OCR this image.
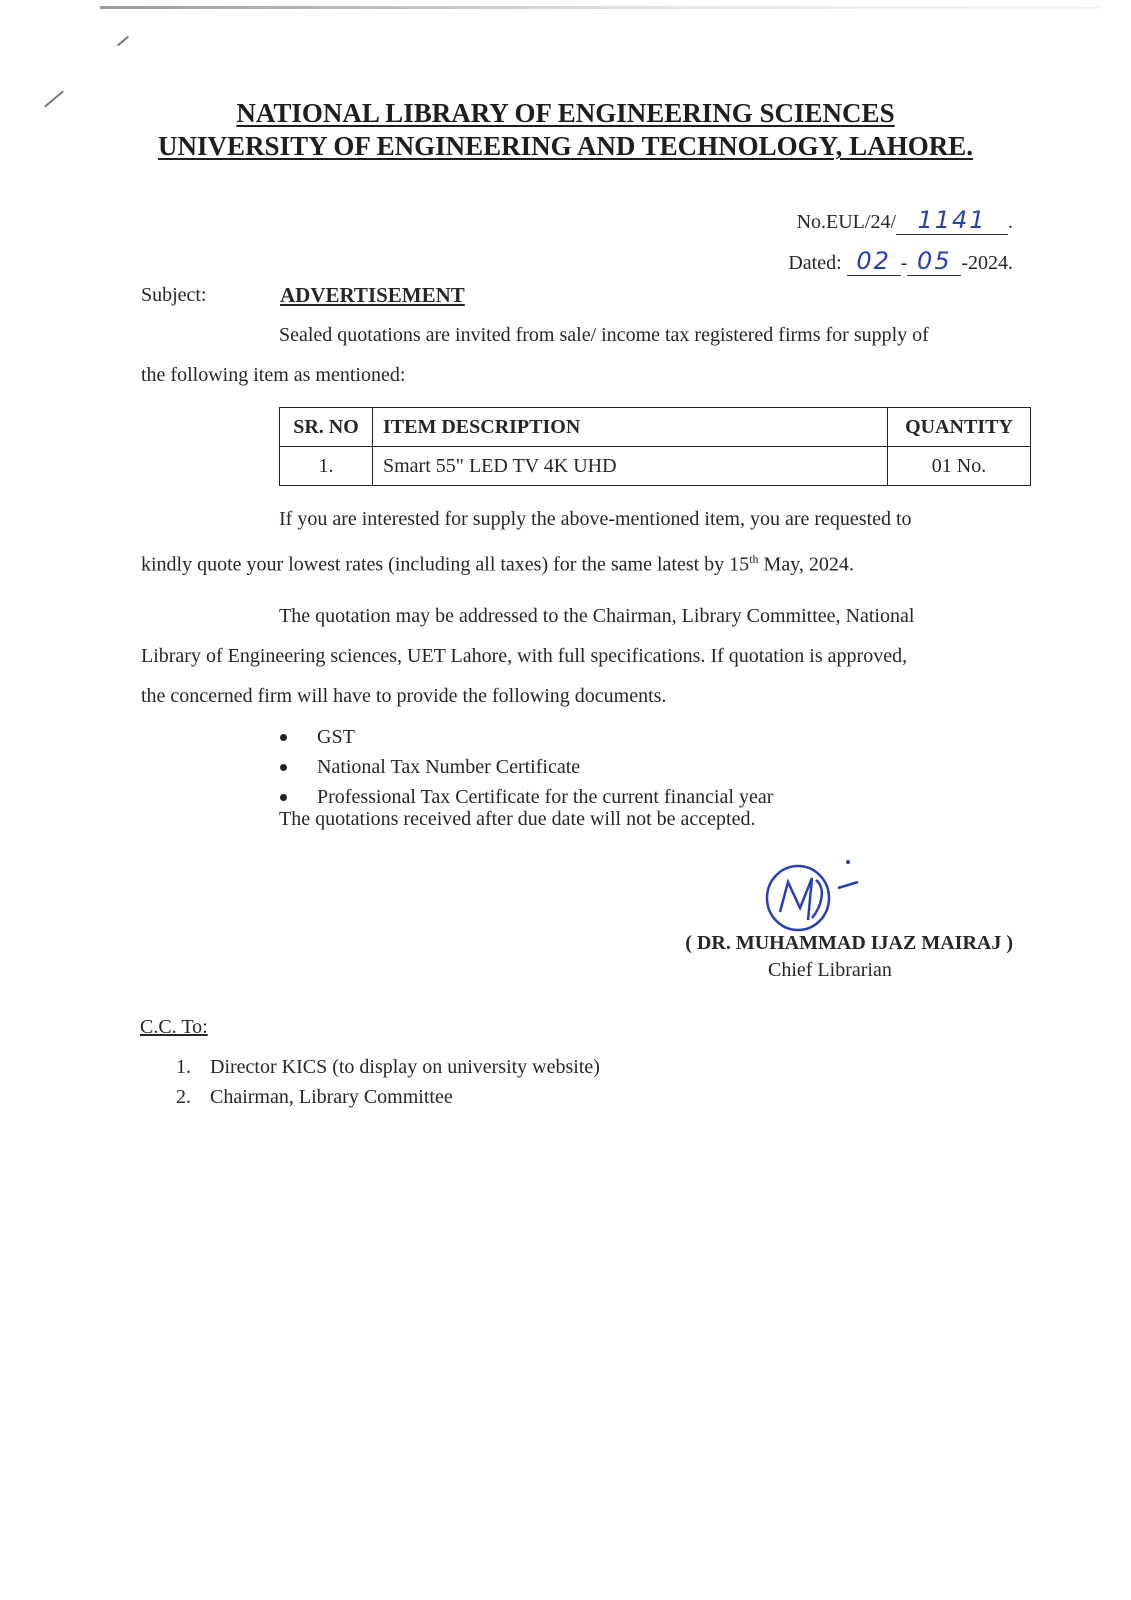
NATIONAL LIBRARY OF ENGINEERING SCIENCES
UNIVERSITY OF ENGINEERING AND TECHNOLOGY, LAHORE.
No.EUL/24/ 1141 .
Dated: 02 - 05 -2024.
Subject:	ADVERTISEMENT
Sealed quotations are invited from sale/ income tax registered firms for supply of
the following item as mentioned:
SR. NO	ITEM DESCRIPTION	QUANTITY
1.	Smart 55" LED TV 4K UHD	01 No.
If you are interested for supply the above-mentioned item, you are requested to
kindly quote your lowest rates (including all taxes) for the same latest by 15th May, 2024.
The quotation may be addressed to the Chairman, Library Committee, National
Library of Engineering sciences, UET Lahore, with full specifications. If quotation is approved,
the concerned firm will have to provide the following documents.
GST
National Tax Number Certificate
Professional Tax Certificate for the current financial year
The quotations received after due date will not be accepted.
( DR. MUHAMMAD IJAZ MAIRAJ )
Chief Librarian
C.C. To:
1. Director KICS (to display on university website)
2. Chairman, Library Committee
